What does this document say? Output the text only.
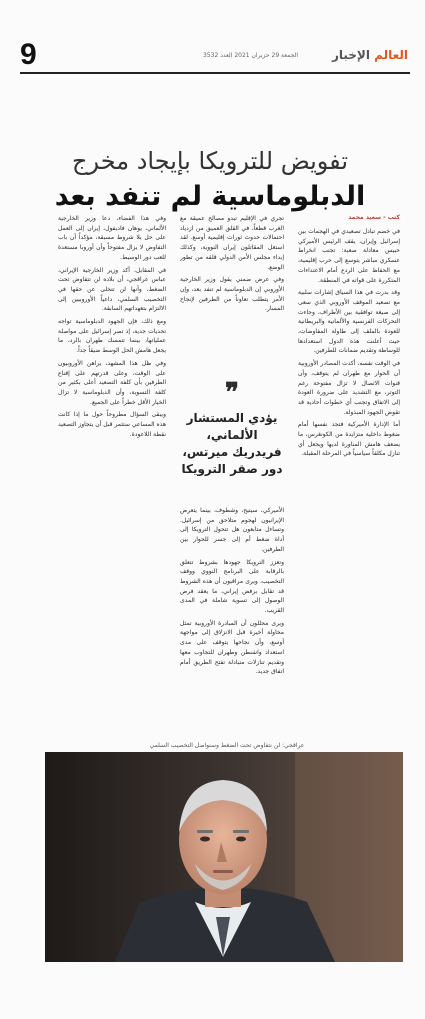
9	العالم الإخبار
الجمعة 29 حزيران 2021 العدد 3532
تفويض للترويكا بإيجاد مخرج
الدبلوماسية لم تنفد بعد
كتب - سعيد محمد

في خضم تبادل تصعيدي في الهجمات بين إسرائيل وإيران، يقف الرئيس الأميركي حبيس معادلة صعبة: تجنب انخراط عسكري مباشر يتوسع إلى حرب إقليمية، مع الحفاظ على الردع أمام الاعتداءات المتكررة على قواته في المنطقة.

وقد بدرت في هذا السياق إشارات سلبية مع تصعيد الموقف الأوروبي الذي سعى إلى صيغة توافقية بين الأطراف، وجاءت التحركات الفرنسية والألمانية والبريطانية للعودة بالملف إلى طاولة المفاوضات، حيث أعلنت هذه الدول استعدادها للوساطة وتقديم ضمانات للطرفين.

في الوقت نفسه، أكدت المصادر الأوروبية أن الحوار مع طهران لم يتوقف، وأن قنوات الاتصال لا تزال مفتوحة رغم التوتر، مع التشديد على ضرورة العودة إلى الاتفاق وتجنب أي خطوات أحادية قد تقوض الجهود المبذولة.

أما الإدارة الأميركية فتجد نفسها أمام ضغوط داخلية متزايدة من الكونغرس، ما يضعف هامش المناورة لديها ويجعل أي تنازل مكلفاً سياسياً في المرحلة المقبلة.

تجري في الإقليم تبدو مصالح عميقة مع الغرب قطعاً، في القلق العميق من ازدياد احتمالات حدوث ثورات إقليمية أوسع. لقد استغل المقاتلون إيران النووية، وكذلك إبداء مجلس الأمن الدولي قلقه من تطور الوضع.

وفي عرض ضمني يقول وزير الخارجية الأوروبي إن الدبلوماسية لم تنفد بعد، وإن الأمر يتطلب تعاوناً من الطرفين لإنجاح المسار.

❞
يؤدي المستشار الألماني، فريدريك ميرتس، دور صقر الترويكا

الأميركي، سيتيح، وشطوف، بينما يتعرض الإيرانيون لهجوم متلاحق من إسرائيل. وتساءل متابعون هل تتحول الترويكا إلى أداة ضغط أم إلى جسر للحوار بين الطرفين.

وتعزز الترويكا جهودها بشروط تتعلق بالرقابة على البرنامج النووي ووقف التخصيب، ويرى مراقبون أن هذه الشروط قد تقابل برفض إيراني، ما يعقد فرص الوصول إلى تسوية شاملة في المدى القريب.

ويرى محللون أن المبادرة الأوروبية تمثل محاولة أخيرة قبل الانزلاق إلى مواجهة أوسع، وأن نجاحها يتوقف على مدى استعداد واشنطن وطهران للتجاوب معها وتقديم تنازلات متبادلة تفتح الطريق أمام اتفاق جديد.

وفي هذا الفضاء، دعا وزير الخارجية الألماني، يوهان فاديفول، إيران إلى العمل على حل بلا شروط مسبقة، مؤكداً أن باب التفاوض لا يزال مفتوحاً وأن أوروبا مستعدة للعب دور الوسيط.

في المقابل، أكد وزير الخارجية الإيراني، عباس عراقجي، أن بلاده لن تتفاوض تحت الضغط، وأنها لن تتخلى عن حقها في التخصيب السلمي، داعياً الأوروبيين إلى الالتزام بتعهداتهم السابقة.

ومع ذلك، فإن الجهود الدبلوماسية تواجه تحديات جدية، إذ تصر إسرائيل على مواصلة عملياتها، بينما تتمسك طهران بالرد، ما يجعل هامش الحل الوسط ضيقاً جداً.

وفي ظل هذا المشهد، يراهن الأوروبيون على الوقت، وعلى قدرتهم على إقناع الطرفين بأن كلفة التصعيد أعلى بكثير من كلفة التسوية، وأن الدبلوماسية لا تزال الخيار الأقل خطراً على الجميع.

ويبقى السؤال مطروحاً حول ما إذا كانت هذه المساعي ستثمر قبل أن يتجاوز التصعيد نقطة اللاعودة.

عراقجي: لن نتفاوض تحت الضغط وسنواصل التخصيب السلمي
